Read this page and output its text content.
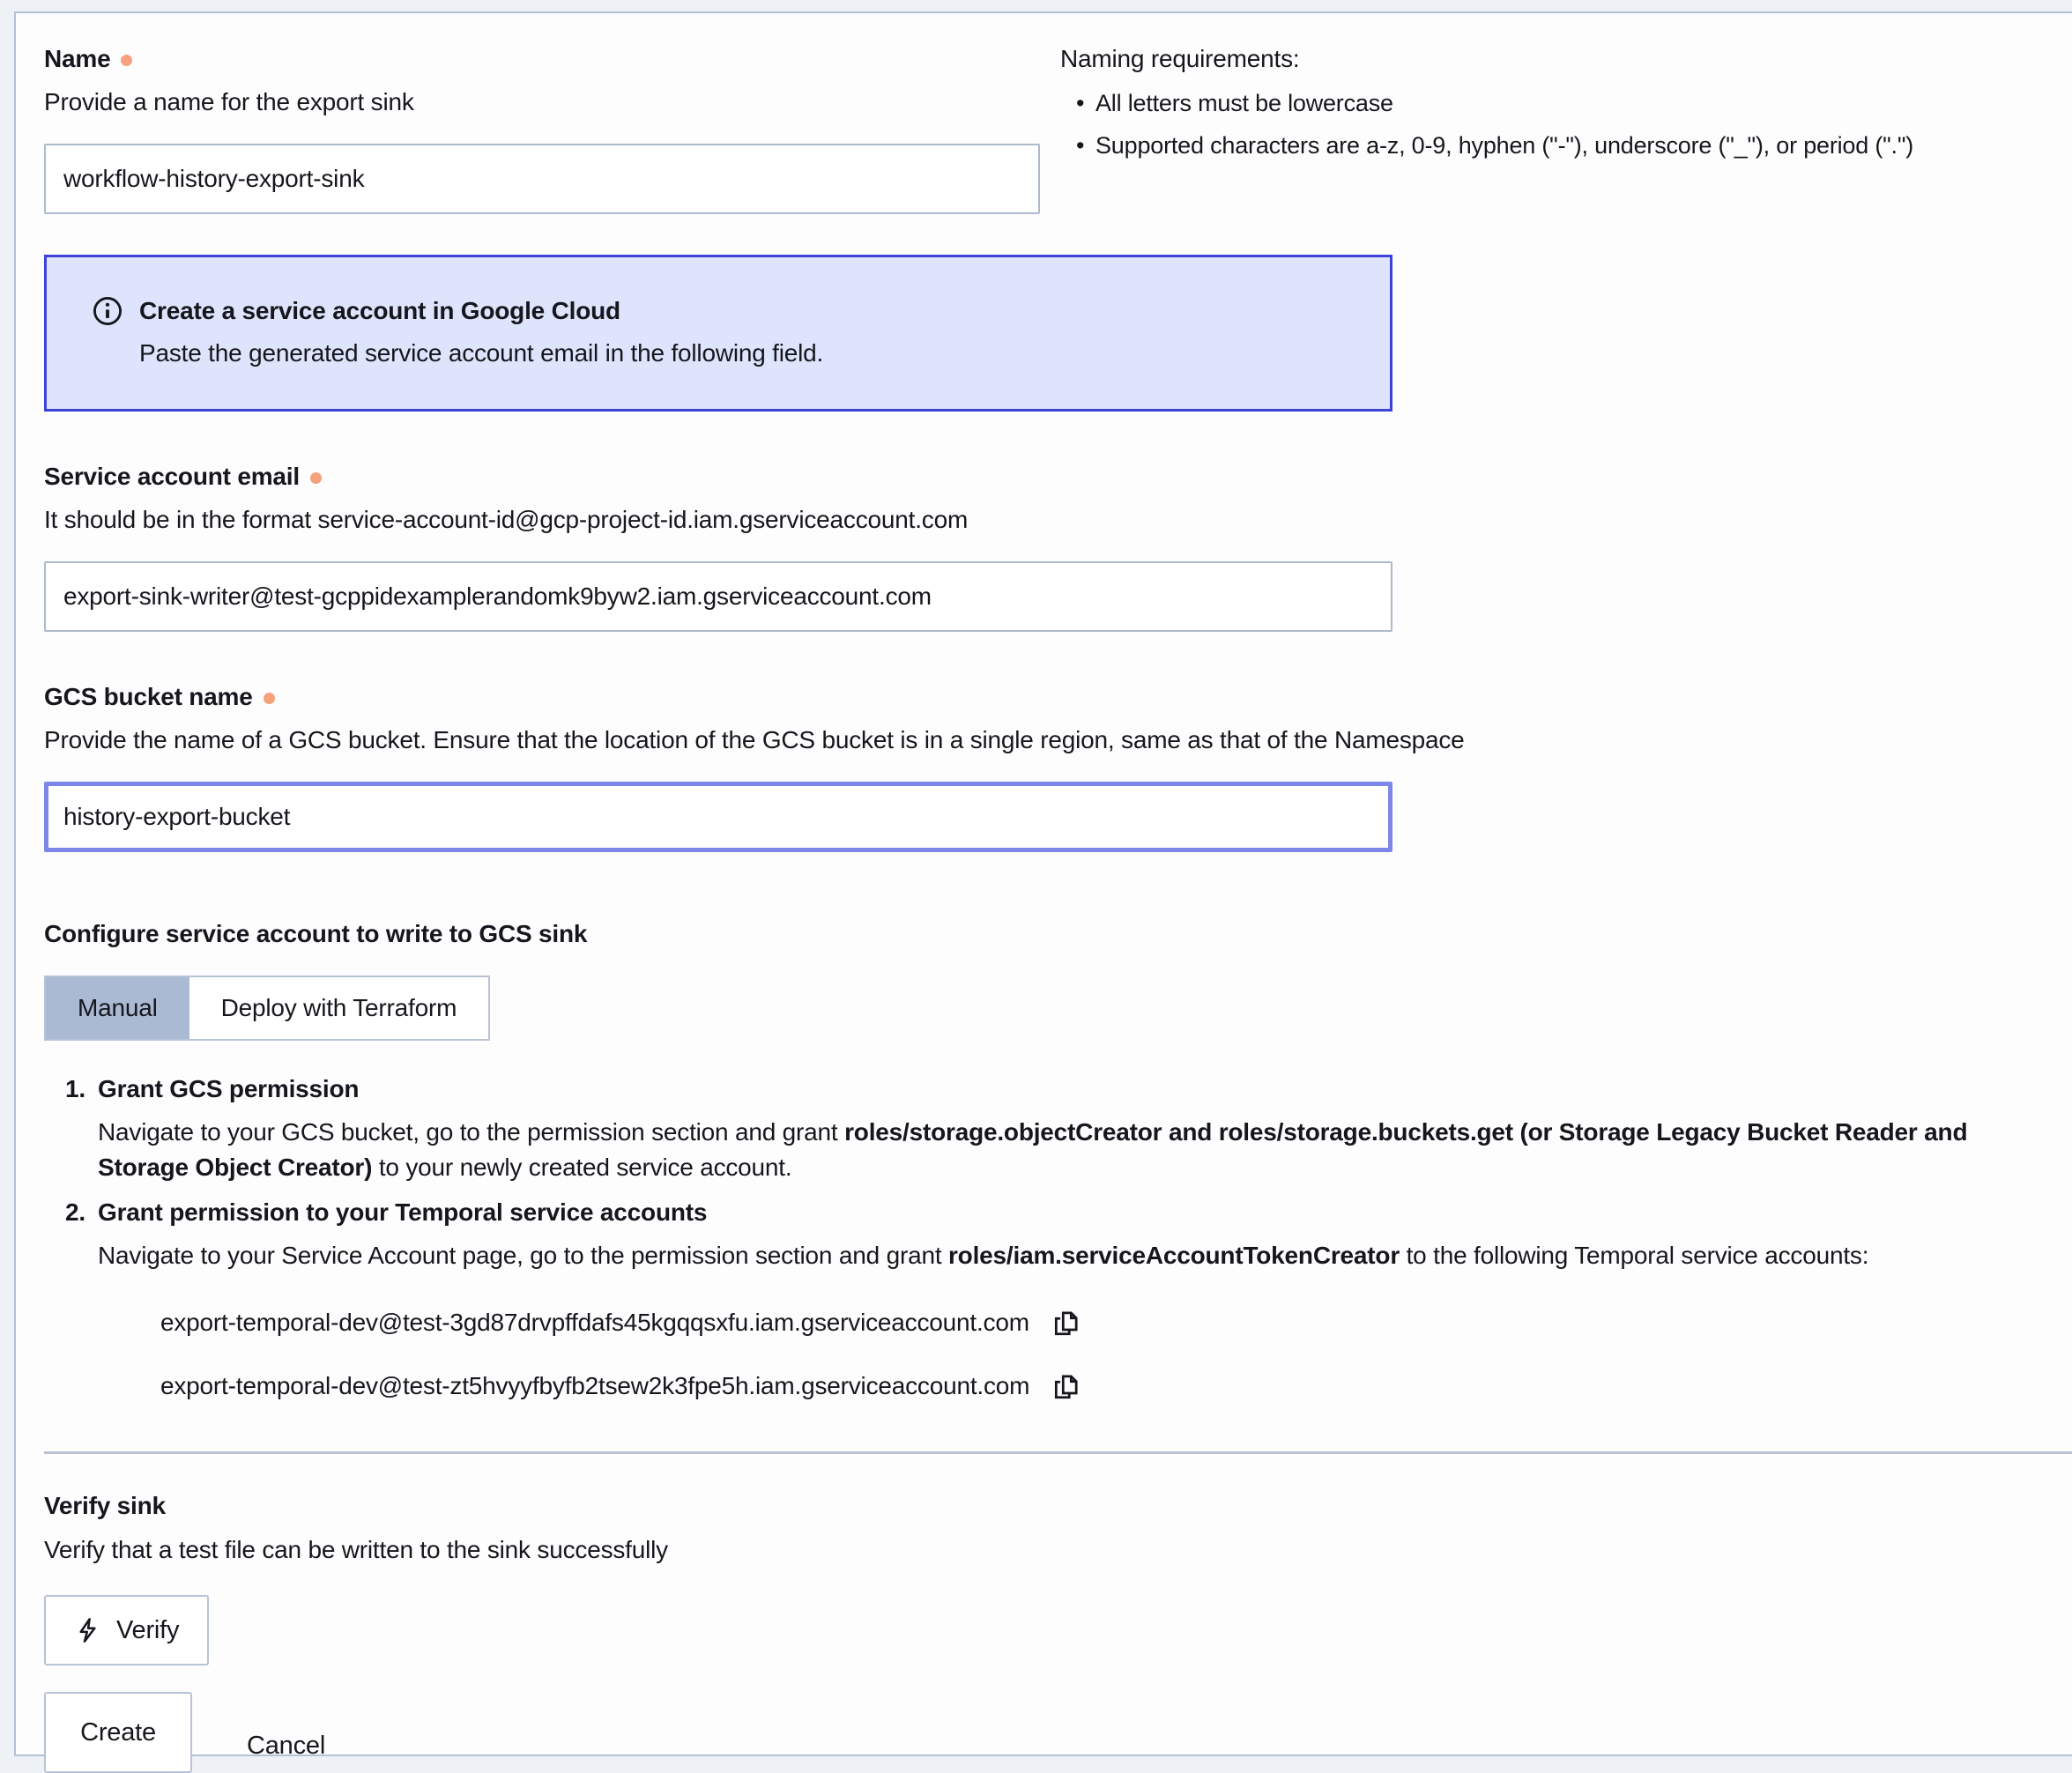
Name
Provide a name for the export sink
workflow-history-export-sink
Naming requirements:
•
All letters must be lowercase
•
Supported characters are a-z, 0-9, hyphen ("-"), underscore ("_"), or period (".")
Create a service account in Google Cloud
Paste the generated service account email in the following field.
Service account email
It should be in the format service-account-id@gcp-project-id.iam.gserviceaccount.com
export-sink-writer@test-gcppidexamplerandomk9byw2.iam.gserviceaccount.com
GCS bucket name
Provide the name of a GCS bucket. Ensure that the location of the GCS bucket is in a single region, same as that of the Namespace
history-export-bucket
Configure service account to write to GCS sink
Manual	Deploy with Terraform
1. Grant GCS permission
Navigate to your GCS bucket, go to the permission section and grant roles/storage.objectCreator and roles/storage.buckets.get (or Storage Legacy Bucket Reader and Storage Object Creator) to your newly created service account.
2. Grant permission to your Temporal service accounts
Navigate to your Service Account page, go to the permission section and grant roles/iam.serviceAccountTokenCreator to the following Temporal service accounts:
export-temporal-dev@test-3gd87drvpffdafs45kgqqsxfu.iam.gserviceaccount.com
export-temporal-dev@test-zt5hvyyfbyfb2tsew2k3fpe5h.iam.gserviceaccount.com
Verify sink
Verify that a test file can be written to the sink successfully
Verify
Create	Cancel
